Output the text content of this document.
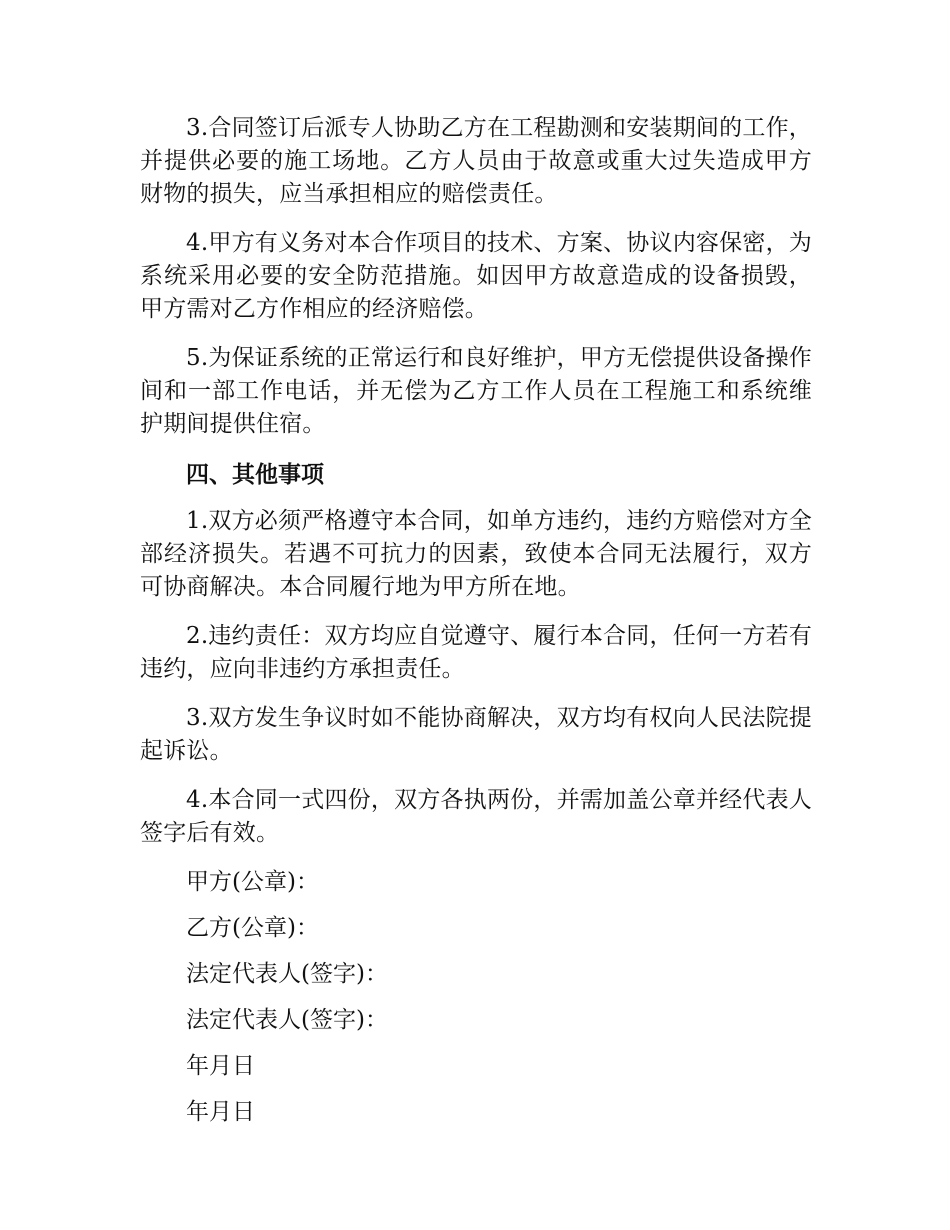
3.合同签订后派专人协助乙方在工程勘测和安装期间的工作，并提供必要的施工场地。乙方人员由于故意或重大过失造成甲方财物的损失，应当承担相应的赔偿责任。

4.甲方有义务对本合作项目的技术、方案、协议内容保密，为系统采用必要的安全防范措施。如因甲方故意造成的设备损毁，甲方需对乙方作相应的经济赔偿。

5.为保证系统的正常运行和良好维护，甲方无偿提供设备操作间和一部工作电话，并无偿为乙方工作人员在工程施工和系统维护期间提供住宿。

四、其他事项

1.双方必须严格遵守本合同，如单方违约，违约方赔偿对方全部经济损失。若遇不可抗力的因素，致使本合同无法履行，双方可协商解决。本合同履行地为甲方所在地。

2.违约责任：双方均应自觉遵守、履行本合同，任何一方若有违约，应向非违约方承担责任。

3.双方发生争议时如不能协商解决，双方均有权向人民法院提起诉讼。

4.本合同一式四份，双方各执两份，并需加盖公章并经代表人签字后有效。

甲方(公章)：

乙方(公章)：

法定代表人(签字)：

法定代表人(签字)：

年月日

年月日
